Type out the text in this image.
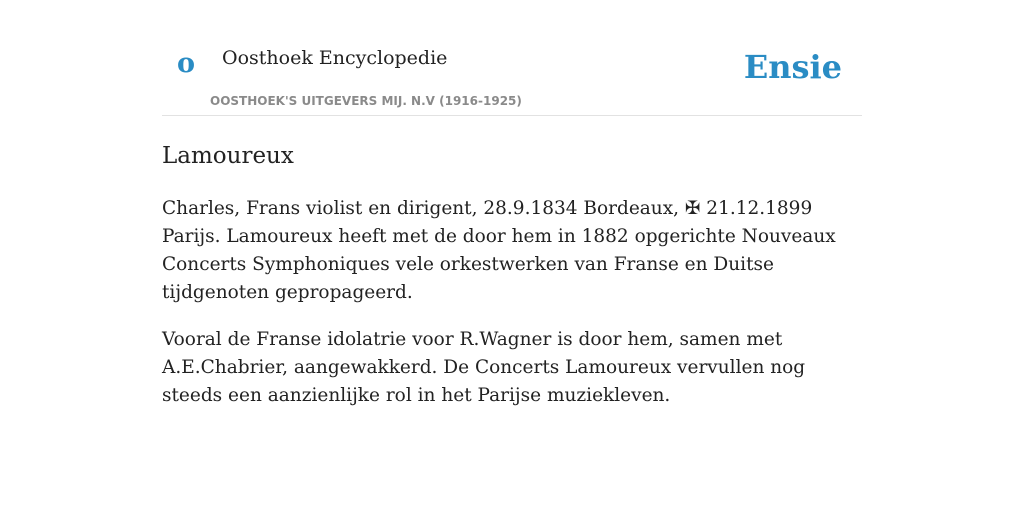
o Oosthoek Encyclopedie
OOSTHOEK'S UITGEVERS MIJ. N.V (1916-1925)
Ensie
Lamoureux

Charles, Frans violist en dirigent, 28.9.1834 Bordeaux, ✠ 21.12.1899 Parijs. Lamoureux heeft met de door hem in 1882 opgerichte Nouveaux Concerts Symphoniques vele orkestwerken van Franse en Duitse tijdgenoten gepropageerd.

Vooral de Franse idolatrie voor R.Wagner is door hem, samen met A.E.Chabrier, aangewakkerd. De Concerts Lamoureux vervullen nog steeds een aanzienlijke rol in het Parijse muziekleven.
